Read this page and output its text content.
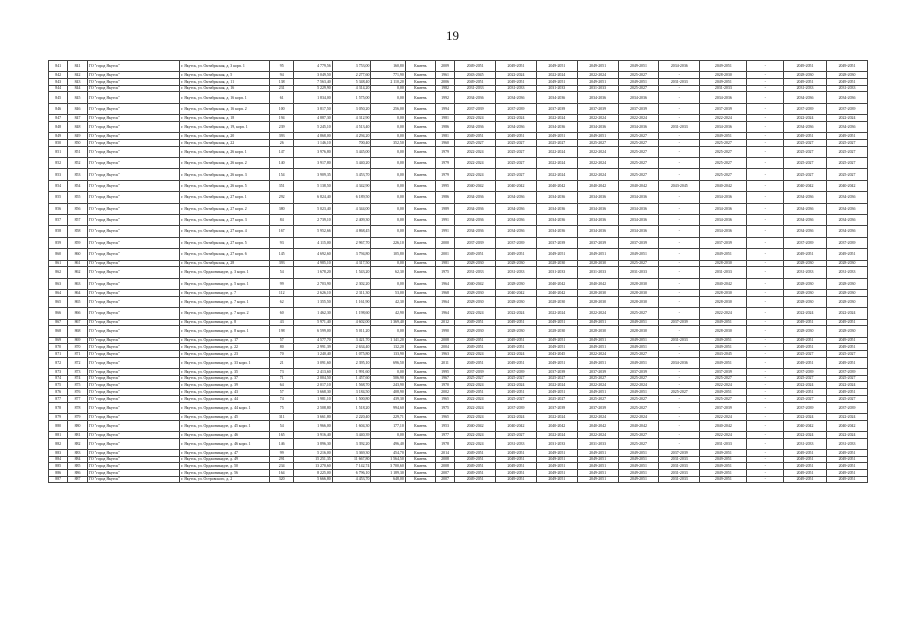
19
841	841	ГО "город Якутск"	г. Якутск, ул. Октябрьская, д. 3 корп. 1	95	4 779,56	3 753,00	160,80	Камень	2009	2049-2051	2049-2051	2049-2051	2049-2051	2049-2051	2034-2036	2049-2051	-	2049-2051	2049-2051
842	842	ГО "город Якутск"	г. Якутск, ул. Октябрьская, д. 5	94	3 049,50	2 277,60	771,90	Камень	1961	2043-2045	2022-2024	2022-2024	2022-2024	2025-2027	-	2028-2030	-	2028-2030	2028-2030
843	843	ГО "город Якутск"	г. Якутск, ул. Октябрьская, д. 11	138	7 563,40	5 348,40	2 110,20	Камень	2006	2049-2051	2049-2051	2049-2051	2049-2051	2049-2051	2031-2033	2049-2051	-	2049-2051	2049-2051
844	844	ГО "город Якутск"	г. Якутск, ул. Октябрьская, д. 16	231	5 229,90	4 314,20	0,00	Камень	1982	2031-2033	2031-2033	2031-2033	2031-2033	2025-2027	-	2031-2033	-	2031-2033	2031-2033
845	845	ГО "город Якутск"	г. Якутск, ул. Октябрьская, д. 16 корп. 1	61	1 834,00	1 575,00	0,00	Камень	1992	2034-2036	2034-2036	2034-2036	2034-2036	2034-2036	-	2034-2036	-	2034-2036	2034-2036
846	846	ГО "город Якутск"	г. Якутск, ул. Октябрьская, д. 16 корп. 2	100	3 817,50	3 050,20	256,00	Камень	1994	2037-2039	2037-2039	2037-2039	2037-2039	2037-2039	-	2037-2039	-	2037-2039	2037-2039
847	847	ГО "город Якутск"	г. Якутск, ул. Октябрьская, д. 18	194	4 887,30	4 312,90	0,00	Камень	1981	2022-2024	2022-2024	2022-2024	2022-2024	2022-2024	-	2022-2024	-	2022-2024	2022-2024
848	848	ГО "город Якутск"	г. Якутск, ул. Октябрьская, д. 19, корп. 1	239	5 245,10	4 513,40	0,00	Камень	1986	2034-2036	2034-2036	2034-2036	2034-2036	2034-2036	2031-2033	2034-2036	-	2034-2036	2034-2036
849	849	ГО "город Якутск"	г. Якутск, ул. Октябрьская, д. 20	393	4 868,00	4 294,20	0,00	Камень	1981	2049-2051	2049-2051	2049-2051	2049-2051	2025-2027	-	2049-2051	-	2049-2051	2049-2051
850	850	ГО "город Якутск"	г. Якутск, ул. Октябрьская, д. 22	26	1 146,10	700,40	352,50	Камень	1960	2025-2027	2025-2027	2025-2027	2025-2027	2025-2027	-	2025-2027	-	2025-2027	2025-2027
851	851	ГО "город Якутск"	г. Якутск, ул. Октябрьская, д. 26 корп. 1	147	3 976,80	3 445,00	0,00	Камень	1979	2022-2024	2025-2027	2022-2024	2022-2024	2025-2027	-	2025-2027	-	2025-2027	2025-2027
852	852	ГО "город Якутск"	г. Якутск, ул. Октябрьская, д. 26 корп. 2	140	3 917,80	3 440,20	0,00	Камень	1979	2022-2024	2025-2027	2022-2024	2022-2024	2025-2027	-	2025-2027	-	2025-2027	2025-2027
853	853	ГО "город Якутск"	г. Якутск, ул. Октябрьская, д. 26 корп. 3	154	3 909,35	3 453,70	0,00	Камень	1979	2022-2024	2025-2027	2022-2024	2022-2024	2025-2027	-	2025-2027	-	2025-2027	2025-2027
854	854	ГО "город Якутск"	г. Якутск, ул. Октябрьская, д. 26 корп. 5	351	5 138,50	4 342,90	0,00	Камень	1995	2040-2042	2040-2042	2040-2042	2040-2042	2040-2042	2043-2045	2040-2042	-	2040-2042	2040-2042
855	855	ГО "город Якутск"	г. Якутск, ул. Октябрьская, д. 27 корп. 1	292	6 824,40	6 189,50	0,00	Камень	1986	2034-2036	2034-2036	2034-2036	2034-2036	2034-2036	-	2034-2036	-	2034-2036	2034-2036
856	856	ГО "город Якутск"	г. Якутск, ул. Октябрьская, д. 27 корп. 2	380	5 023,40	4 344,00	0,00	Камень	1989	2034-2036	2034-2036	2034-2036	2034-2036	2034-2036	-	2034-2036	-	2034-2036	2034-2036
857	857	ГО "город Якутск"	г. Якутск, ул. Октябрьская, д. 27 корп. 3	84	2 739,10	2 409,30	0,00	Камень	1991	2034-2036	2034-2036	2034-2036	2034-2036	2034-2036	-	2034-2036	-	2034-2036	2034-2036
858	858	ГО "город Якутск"	г. Якутск, ул. Октябрьская, д. 27 корп. 4	167	5 952,66	4 868,45	0,00	Камень	1991	2034-2036	2034-2036	2034-2036	2034-2036	2034-2036	-	2034-2036	-	2034-2036	2034-2036
859	859	ГО "город Якутск"	г. Якутск, ул. Октябрьская, д. 27 корп. 5	93	4 115,00	2 967,70	226,10	Камень	2000	2037-2039	2037-2039	2037-2039	2037-2039	2037-2039	-	2037-2039	-	2037-2039	2037-2039
860	860	ГО "город Якутск"	г. Якутск, ул. Октябрьская, д. 27 корп. 6	145	4 692,60	3 794,80	105,80	Камень	2001	2049-2051	2049-2051	2049-2051	2049-2051	2049-2051	-	2049-2051	-	2049-2051	2049-2051
861	861	ГО "город Якутск"	г. Якутск, ул. Октябрьская, д. 28	393	4 985,10	4 317,50	0,00	Камень	1981	2028-2030	2028-2030	2028-2030	2028-2030	2025-2027	-	2028-2030	-	2028-2030	2028-2030
862	862	ГО "город Якутск"	г. Якутск, ул. Орджоникидзе, д. 3 корп. 1	54	1 678,20	1 543,20	62,30	Камень	1975	2031-2033	2031-2033	2031-2033	2031-2033	2031-2033	-	2031-2033	-	2031-2033	2031-2033
863	863	ГО "город Якутск"	г. Якутск, ул. Орджоникидзе, д. 5 корп. 1	99	2 703,90	2 302,20	0,00	Камень	1964	2040-2042	2028-2030	2040-2042	2040-2042	2028-2030	-	2040-2042	-	2028-2030	2028-2030
864	864	ГО "город Якутск"	г. Якутск, ул. Орджоникидзе, д. 7	112	2 626,10	2 311,30	53,00	Камень	1968	2028-2030	2040-2042	2040-2042	2028-2030	2028-2030	-	2028-2030	-	2028-2030	2028-2030
865	865	ГО "город Якутск"	г. Якутск, ул. Орджоникидзе, д. 7 корп. 1	62	1 355,50	1 161,90	42,30	Камень	1964	2028-2030	2028-2030	2028-2030	2028-2030	2028-2030	-	2028-2030	-	2028-2030	2028-2030
866	866	ГО "город Якутск"	г. Якутск, ул. Орджоникидзе, д. 7 корп. 2	60	1 462,30	1 198,60	42,90	Камень	1964	2022-2024	2022-2024	2022-2024	2022-2024	2025-2027	-	2022-2024	-	2022-2024	2022-2024
867	867	ГО "город Якутск"	г. Якутск, ул. Орджоникидзе, д. 8	43	5 971,40	4 602,00	1 369,40	Камень	2012	2049-2051	2049-2051	2049-2051	2049-2051	2049-2051	2037-2039	2049-2051	-	2049-2051	2049-2051
868	868	ГО "город Якутск"	г. Якутск, ул. Орджоникидзе, д. 8 корп. 1	198	6 599,00	5 011,20	0,00	Камень	1990	2028-2030	2028-2030	2028-2030	2028-2030	2028-2030	-	2028-2030	-	2028-2030	2028-2030
869	869	ГО "город Якутск"	г. Якутск, ул. Орджоникидзе, д. 17	57	4 577,70	3 421,70	1 141,20	Камень	2008	2049-2051	2049-2051	2049-2051	2049-2051	2049-2051	2031-2033	2049-2051	-	2049-2051	2049-2051
870	870	ГО "город Якутск"	г. Якутск, ул. Орджоникидзе, д. 22	80	2 991,39	2 634,40	132,20	Камень	2004	2049-2051	2049-2051	2049-2051	2049-2051	2049-2051	-	2049-2051	-	2049-2051	2049-2051
871	871	ГО "город Якутск"	г. Якутск, ул. Орджоникидзе, д. 23	70	1 240,40	1 075,80	133,90	Камень	1963	2022-2024	2022-2024	2043-2045	2022-2024	2025-2027	-	2043-2045	-	2025-2027	2025-2027
872	872	ГО "город Якутск"	г. Якутск, ул. Орджоникидзе, д. 33 корп. 1	21	3 091,60	2 395,10	696,50	Камень	2011	2049-2051	2049-2051	2049-2051	2049-2051	2049-2051	2034-2036	2049-2051	-	2049-2051	2049-2051
873	873	ГО "город Якутск"	г. Якутск, ул. Орджоникидзе, д. 35	73	2 413,60	1 991,60	0,00	Камень	1995	2037-2039	2037-2039	2037-2039	2037-2039	2037-2039	-	2037-2039	-	2037-2039	2037-2039
874	874	ГО "город Якутск"	г. Якутск, ул. Орджоникидзе, д. 37	71	2 004,50	1 457,60	506,90	Камень	1967	2025-2027	2025-2027	2025-2027	2025-2027	2025-2027	-	2025-2027	-	2025-2027	2025-2027
875	875	ГО "город Якутск"	г. Якутск, ул. Орджоникидзе, д. 39	64	2 017,10	1 568,70	243,90	Камень	1970	2022-2024	2022-2024	2022-2024	2022-2024	2022-2024	-	2022-2024	-	2022-2024	2022-2024
876	876	ГО "город Якутск"	г. Якутск, ул. Орджоникидзе, д. 43	57	3 668,30	3 184,50	408,90	Камень	2002	2049-2051	2049-2051	2049-2051	2049-2051	2049-2051	2025-2027	2049-2051	-	2049-2051	2049-2051
877	877	ГО "город Якутск"	г. Якутск, ул. Орджоникидзе, д. 44	74	1 981,10	1 500,80	439,30	Камень	1965	2022-2024	2025-2027	2025-2027	2025-2027	2025-2027	-	2025-2027	-	2025-2027	2025-2027
878	878	ГО "город Якутск"	г. Якутск, ул. Орджоникидзе, д. 44 корп. 1	75	2 508,80	1 518,20	994,60	Камень	1975	2022-2024	2037-2039	2037-2039	2037-2039	2025-2027	-	2037-2039	-	2037-2039	2037-2039
879	879	ГО "город Якутск"	г. Якутск, ул. Орджоникидзе, д. 45	311	3 661,80	2 220,40	229,71	Камень	1965	2022-2024	2022-2024	2022-2024	2022-2024	2022-2024	-	2022-2024	-	2022-2024	2022-2024
880	880	ГО "город Якутск"	г. Якутск, ул. Орджоникидзе, д. 45 корп. 1	54	1 966,00	1 604,30	177,10	Камень	1953	2040-2042	2040-2042	2040-2042	2040-2042	2040-2042	-	2040-2042	-	2040-2042	2040-2042
881	881	ГО "город Якутск"	г. Якутск, ул. Орджоникидзе, д. 46	165	3 916,40	3 440,39	0,00	Камень	1977	2022-2024	2025-2027	2022-2024	2022-2024	2025-2027	-	2022-2024	-	2022-2024	2022-2024
882	882	ГО "город Якутск"	г. Якутск, ул. Орджоникидзе, д. 46 корп. 1	146	3 896,30	3 392,20	496,40	Камень	1978	2022-2024	2031-2033	2031-2033	2031-2033	2025-2027	-	2031-2033	-	2031-2033	2031-2033
883	883	ГО "город Якутск"	г. Якутск, ул. Орджоникидзе, д. 47	99	5 216,00	3 369,30	454,70	Камень	2014	2049-2051	2049-2051	2049-2051	2049-2051	2049-2051	2037-2039	2049-2051	-	2049-2051	2049-2051
884	884	ГО "город Якутск"	г. Якутск, ул. Орджоникидзе, д. 49	291	15 251,35	11 667,80	1 564,50	Камень	2008	2049-2051	2049-2051	2049-2051	2049-2051	2049-2051	2031-2033	2049-2051	-	2049-2051	2049-2051
885	885	ГО "город Якутск"	г. Якутск, ул. Орджоникидзе, д. 50	234	13 270,60	7 142,74	3 700,60	Камень	2008	2049-2051	2049-2051	2049-2051	2049-2051	2049-2051	2031-2033	2049-2051	-	2049-2051	2049-2051
886	886	ГО "город Якутск"	г. Якутск, ул. Орджоникидзе, д. 56	164	8 225,00	6 796,10	1 189,30	Камень	2007	2049-2051	2049-2051	2049-2051	2049-2051	2049-2051	2031-2033	2049-2051	-	2049-2051	2049-2051
887	887	ГО "город Якутск"	г. Якутск, ул. Островского, д. 2	320	5 666,80	4 453,70	648,00	Камень	2007	2049-2051	2049-2051	2049-2051	2049-2051	2049-2051	2031-2033	2049-2051	-	2049-2051	2049-2051
